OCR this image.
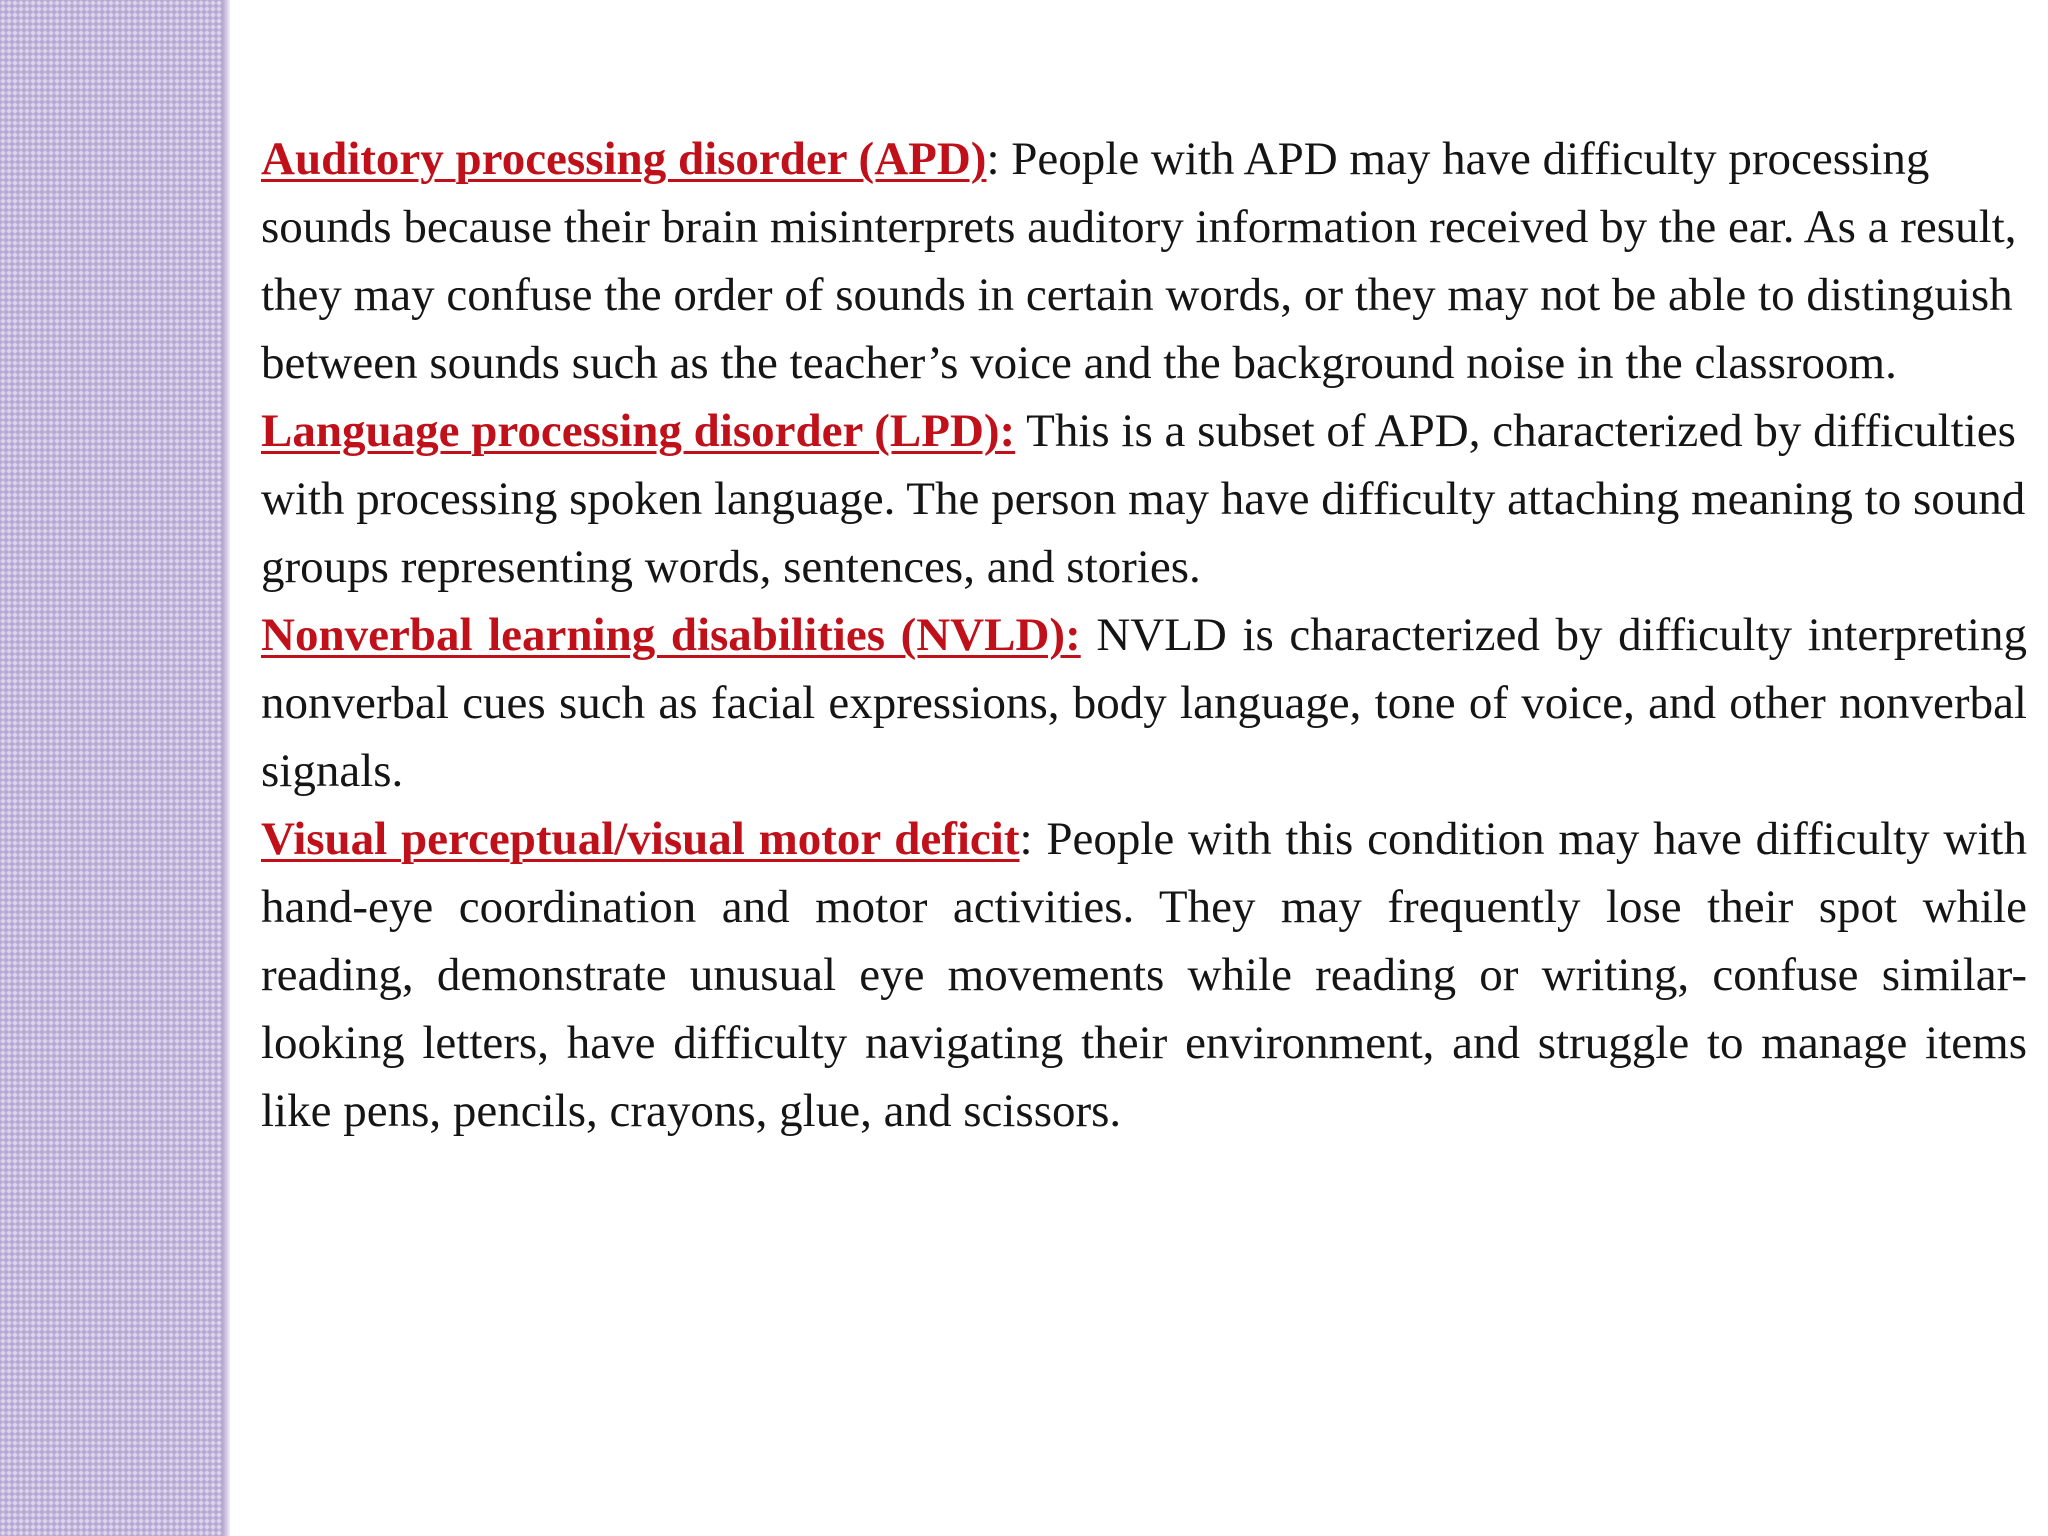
Auditory processing disorder (APD): People with APD may have difficulty processing sounds because their brain misinterprets auditory information received by the ear. As a result, they may confuse the order of sounds in certain words, or they may not be able to distinguish between sounds such as the teacher’s voice and the background noise in the classroom.

Language processing disorder (LPD): This is a subset of APD, characterized by difficulties with processing spoken language. The person may have difficulty attaching meaning to sound groups representing words, sentences, and stories.

Nonverbal learning disabilities (NVLD): NVLD is characterized by difficulty interpreting nonverbal cues such as facial expressions, body language, tone of voice, and other nonverbal signals.

Visual perceptual/visual motor deficit: People with this condition may have difficulty with hand-eye coordination and motor activities. They may frequently lose their spot while reading, demonstrate unusual eye movements while reading or writing, confuse similar-looking letters, have difficulty navigating their environment, and struggle to manage items like pens, pencils, crayons, glue, and scissors.
